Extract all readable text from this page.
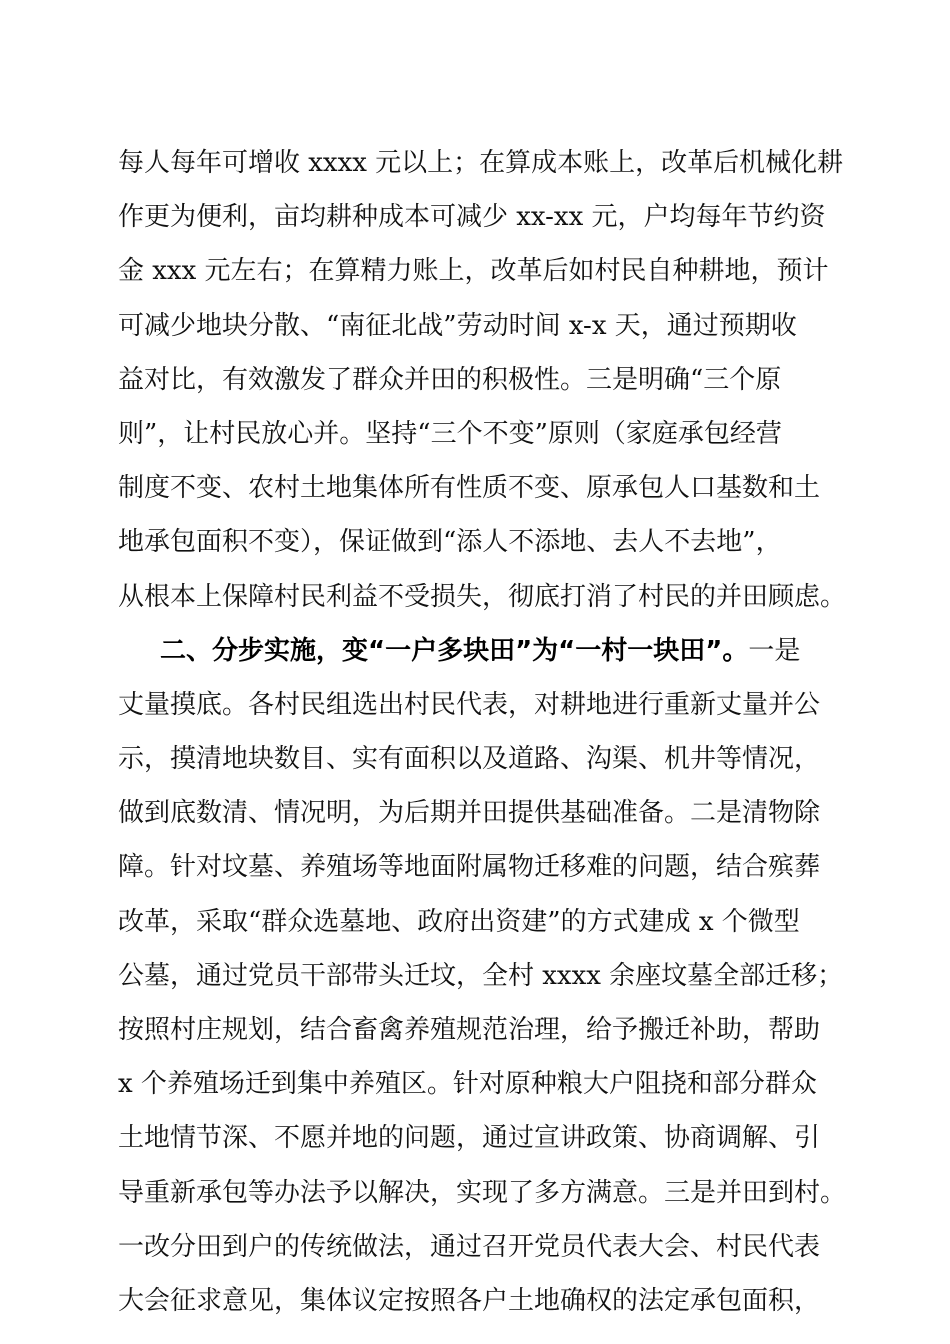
每人每年可增收 xxxx 元以上；在算成本账上，改革后机械化耕
作更为便利，亩均耕种成本可减少 xx-xx 元，户均每年节约资
金 xxx 元左右；在算精力账上，改革后如村民自种耕地，预计
可减少地块分散、“南征北战”劳动时间 x-x 天，通过预期收
益对比，有效激发了群众并田的积极性。三是明确“三个原
则”，让村民放心并。坚持“三个不变”原则（家庭承包经营
制度不变、农村土地集体所有性质不变、原承包人口基数和土
地承包面积不变），保证做到“添人不添地、去人不去地”，
从根本上保障村民利益不受损失，彻底打消了村民的并田顾虑。
二、分步实施，变“一户多块田”为“一村一块田”。一是
丈量摸底。各村民组选出村民代表，对耕地进行重新丈量并公
示，摸清地块数目、实有面积以及道路、沟渠、机井等情况，
做到底数清、情况明，为后期并田提供基础准备。二是清物除
障。针对坟墓、养殖场等地面附属物迁移难的问题，结合殡葬
改革，采取“群众选墓地、政府出资建”的方式建成 x 个微型
公墓，通过党员干部带头迁坟，全村 xxxx 余座坟墓全部迁移；
按照村庄规划，结合畜禽养殖规范治理，给予搬迁补助，帮助
x 个养殖场迁到集中养殖区。针对原种粮大户阻挠和部分群众
土地情节深、不愿并地的问题，通过宣讲政策、协商调解、引
导重新承包等办法予以解决，实现了多方满意。三是并田到村。
一改分田到户的传统做法，通过召开党员代表大会、村民代表
大会征求意见，集体议定按照各户土地确权的法定承包面积，
